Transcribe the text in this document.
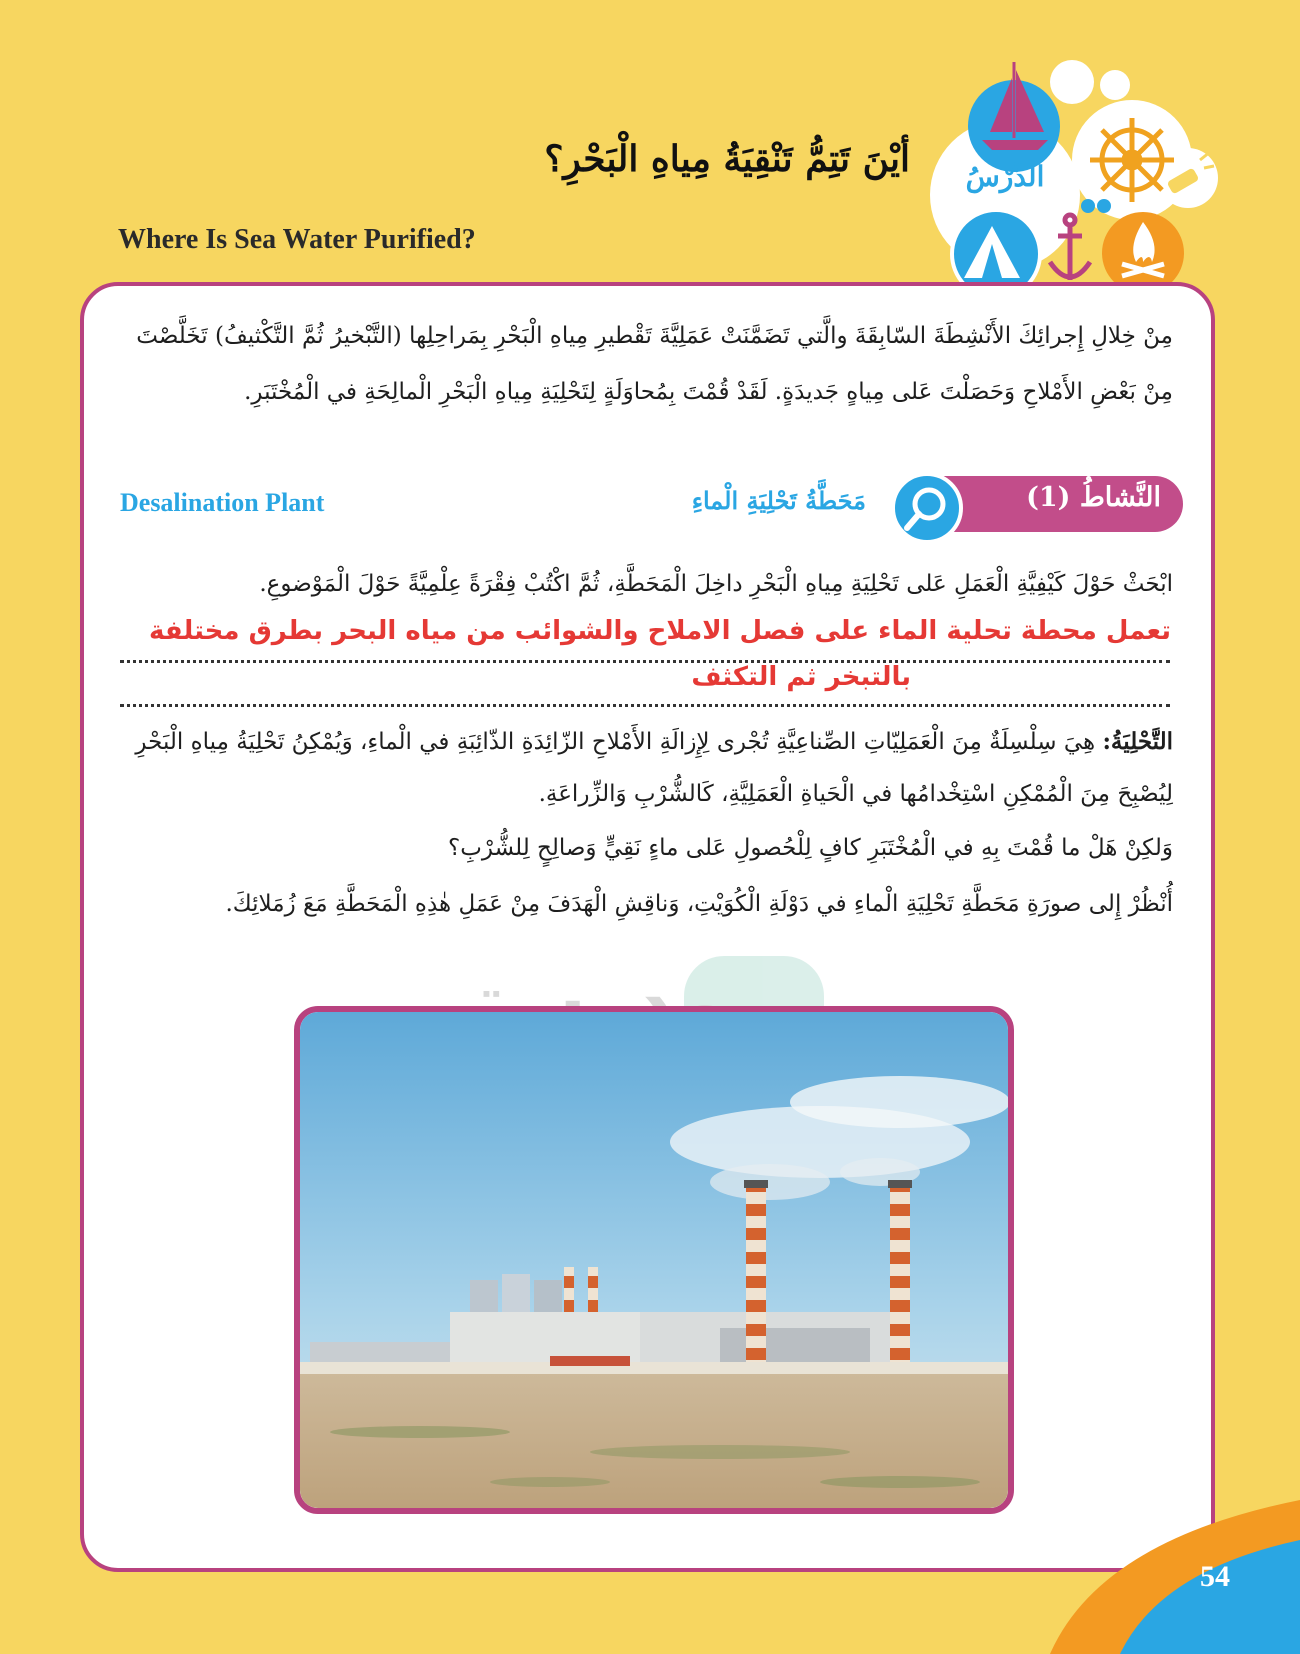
الدَّرْسُ
أيْنَ تَتِمُّ تَنْقِيَةُ مِياهِ الْبَحْرِ؟
Where Is Sea Water Purified?

مِنْ خِلالِ إِجرائِكَ الأَنْشِطَةَ السّابِقَةَ والَّتي تَضَمَّنَتْ عَمَلِيَّةَ تَقْطيرِ مِياهِ الْبَحْرِ بِمَراحِلِها (التَّبْخيرُ ثُمَّ التَّكْثيفُ) تَخَلَّصْتَ مِنْ بَعْضِ الأَمْلاحِ وَحَصَلْتَ عَلى مِياهٍ جَديدَةٍ. لَقَدْ قُمْتَ بِمُحاوَلَةٍ لِتَحْلِيَةِ مِياهِ الْبَحْرِ الْمالِحَةِ في الْمُخْتَبَرِ.

النَّشاطُ (1)
مَحَطَّةُ تَحْلِيَةِ الْماءِ
Desalination Plant

ابْحَثْ حَوْلَ كَيْفِيَّةِ الْعَمَلِ عَلى تَحْلِيَةِ مِياهِ الْبَحْرِ داخِلَ الْمَحَطَّةِ، ثُمَّ اكْتُبْ فِقْرَةً عِلْمِيَّةً حَوْلَ الْمَوْضوعِ.

تعمل محطة تحلية الماء على فصل الاملاح والشوائب من مياه البحر بطرق مختلفة
بالتبخر ثم التكثف

التَّحْلِيَةُ: هِيَ سِلْسِلَةٌ مِنَ الْعَمَلِيّاتِ الصِّناعِيَّةِ تُجْرى لِإِزالَةِ الأَمْلاحِ الزّائِدَةِ الذّائِبَةِ في الْماءِ، وَيُمْكِنُ تَحْلِيَةُ مِياهِ الْبَحْرِ لِيُصْبِحَ مِنَ الْمُمْكِنِ اسْتِخْدامُها في الْحَياةِ الْعَمَلِيَّةِ، كَالشُّرْبِ وَالزِّراعَةِ.

وَلكِنْ هَلْ ما قُمْتَ بِهِ في الْمُخْتَبَرِ كافٍ لِلْحُصولِ عَلى ماءٍ نَقِيٍّ وَصالِحٍ لِلشُّرْبِ؟

أُنْظُرْ إِلى صورَةِ مَحَطَّةِ تَحْلِيَةِ الْماءِ في دَوْلَةِ الْكُوَيْتِ، وَناقِشِ الْهَدَفَ مِنْ عَمَلِ هٰذِهِ الْمَحَطَّةِ مَعَ زُمَلائِكَ.

مدرستي
54
